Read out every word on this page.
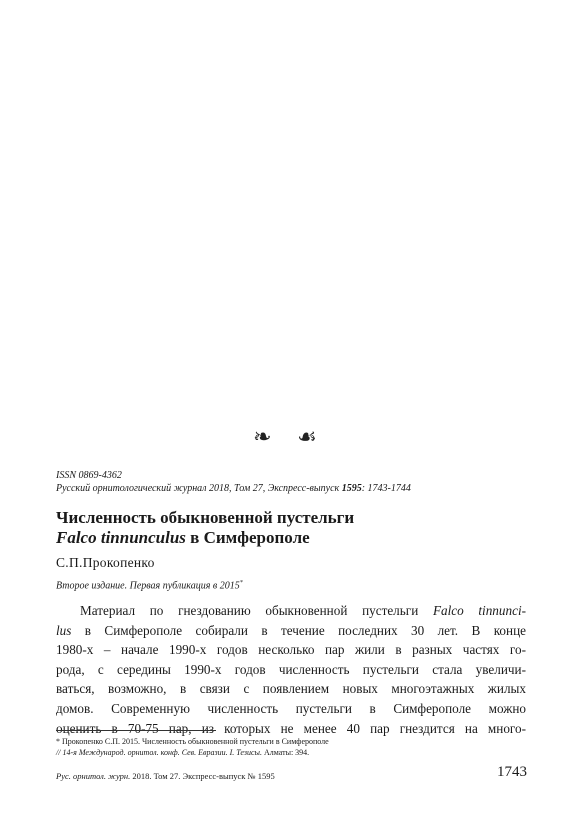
❧ ☙
ISSN 0869-4362
Русский орнитологический журнал 2018, Том 27, Экспресс-выпуск 1595: 1743-1744
Численность обыкновенной пустельги
Falco tinnunculus в Симферополе
С.П.Прокопенко
Второе издание. Первая публикация в 2015*
Материал по гнездованию обыкновенной пустельги Falco tinnunci-
lus в Симферополе собирали в течение последних 30 лет. В конце
1980-х – начале 1990-х годов несколько пар жили в разных частях го-
рода, с середины 1990-х годов численность пустельги стала увеличи-
ваться, возможно, в связи с появлением новых многоэтажных жилых
домов. Современную численность пустельги в Симферополе можно
оценить в 70-75 пар, из которых не менее 40 пар гнездится на много-
* Прокопенко С.П. 2015. Численность обыкновенной пустельги в Симферополе
// 14-я Международ. орнитол. конф. Сев. Евразии. I. Тезисы. Алматы: 394.
Рус. орнитол. журн. 2018. Том 27. Экспресс-выпуск № 1595	1743
